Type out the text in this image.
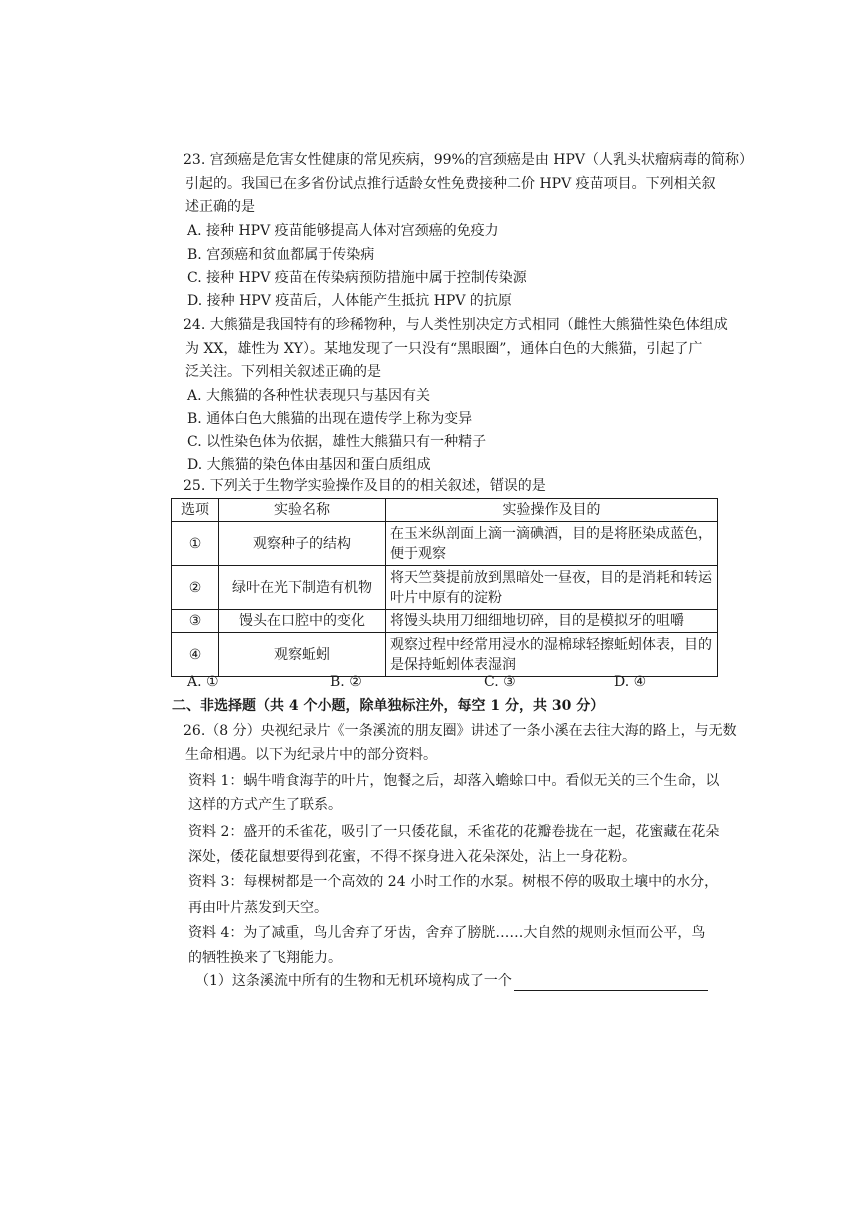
23. 宫颈癌是危害女性健康的常见疾病，99%的宫颈癌是由 HPV（人乳头状瘤病毒的简称）
引起的。我国已在多省份试点推行适龄女性免费接种二价 HPV 疫苗项目。下列相关叙
述正确的是
A. 接种 HPV 疫苗能够提高人体对宫颈癌的免疫力
B. 宫颈癌和贫血都属于传染病
C. 接种 HPV 疫苗在传染病预防措施中属于控制传染源
D. 接种 HPV 疫苗后，人体能产生抵抗 HPV 的抗原
24. 大熊猫是我国特有的珍稀物种，与人类性别决定方式相同（雌性大熊猫性染色体组成
为 XX，雄性为 XY）。某地发现了一只没有“黑眼圈”，通体白色的大熊猫，引起了广
泛关注。下列相关叙述正确的是
A. 大熊猫的各种性状表现只与基因有关
B. 通体白色大熊猫的出现在遗传学上称为变异
C. 以性染色体为依据，雄性大熊猫只有一种精子
D. 大熊猫的染色体由基因和蛋白质组成
25. 下列关于生物学实验操作及目的的相关叙述，错误 · ·的是
选项	实验名称	实验操作及目的
①	观察种子的结构	在玉米纵剖面上滴一滴碘酒，目的是将胚染成蓝色，
便于观察

②	绿叶在光下制造有机物	将天竺葵提前放到黑暗处一昼夜，目的是消耗和转运
叶片中原有的淀粉

③	馒头在口腔中的变化	将馒头块用刀细细地切碎，目的是模拟牙的咀嚼

④	观察蚯蚓	观察过程中经常用浸水的湿棉球轻擦蚯蚓体表，目的
是保持蚯蚓体表湿润
A. ①	B. ②	C. ③	D. ④
二、非选择题（共 4 个小题，除单独标注外，每空 1 分，共 30 分）
26.（8 分）央视纪录片《一条溪流的朋友圈》讲述了一条小溪在去往大海的路上，与无数
生命相遇。以下为纪录片中的部分资料。
资料 1：蜗牛啃食海芋的叶片，饱餐之后，却落入蟾蜍口中。看似无关的三个生命，以
这样的方式产生了联系。
资料 2：盛开的禾雀花，吸引了一只倭花鼠，禾雀花的花瓣卷拢在一起，花蜜藏在花朵
深处，倭花鼠想要得到花蜜，不得不探身进入花朵深处，沾上一身花粉。
资料 3：每棵树都是一个高效的 24 小时工作的水泵。树根不停的吸取土壤中的水分，
再由叶片蒸发到天空。
资料 4：为了减重，鸟儿舍弃了牙齿，舍弃了膀胱……大自然的规则永恒而公平，鸟
的牺牲换来了飞翔能力。
（1）这条溪流中所有的生物和无机环境构成了一个
